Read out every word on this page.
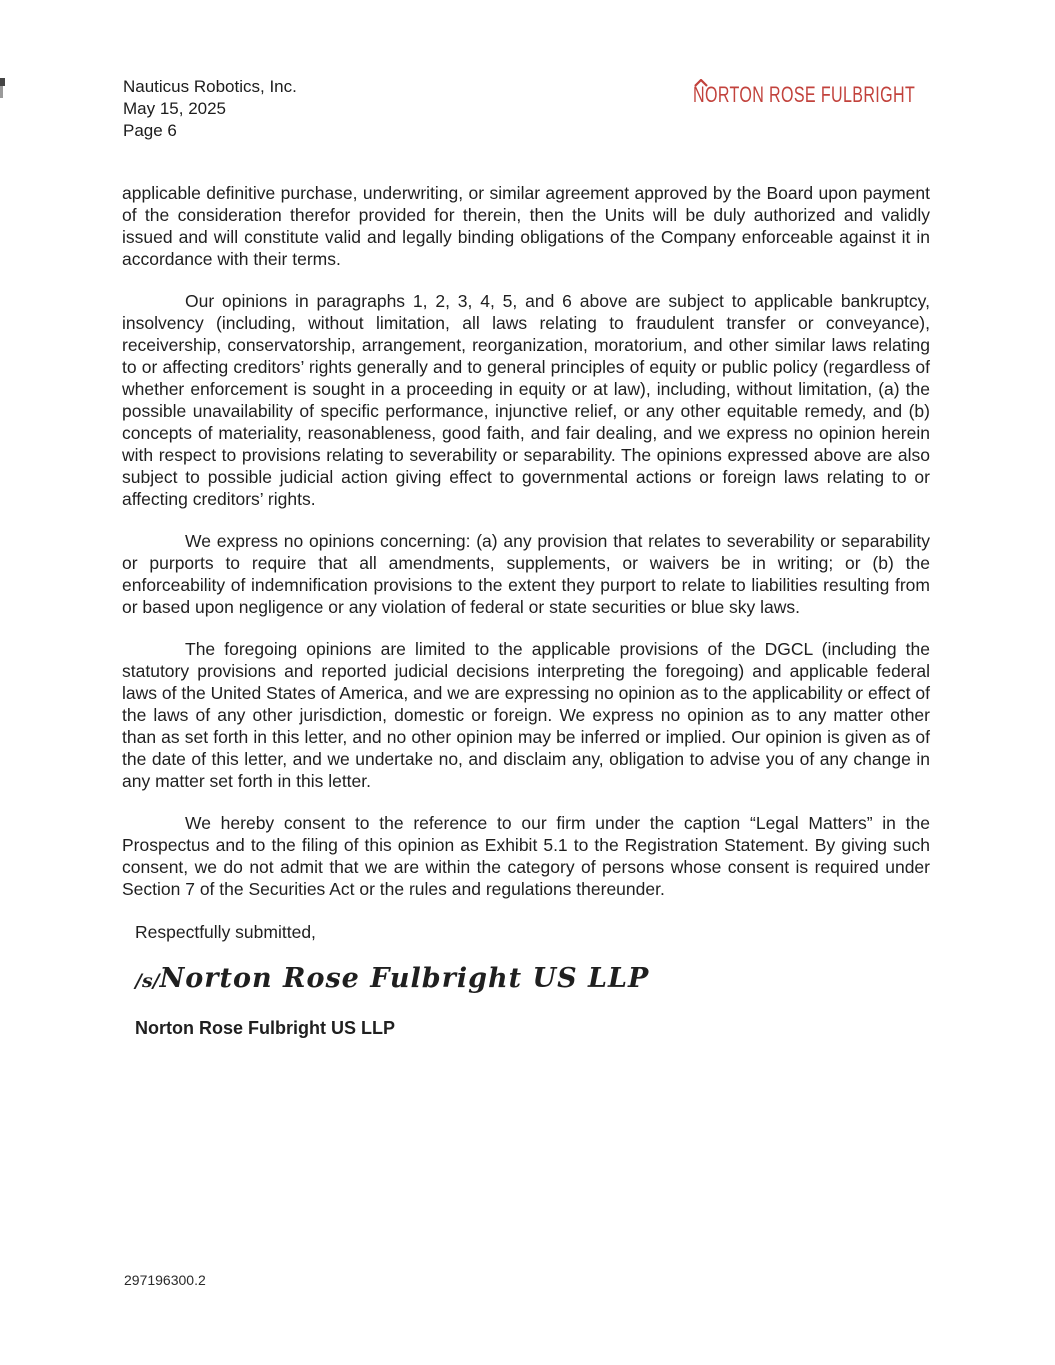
Nauticus Robotics, Inc.
May 15, 2025
Page 6
NORTON ROSE FULBRIGHT

applicable definitive purchase, underwriting, or similar agreement approved by the Board upon payment of the consideration therefor provided for therein, then the Units will be duly authorized and validly issued and will constitute valid and legally binding obligations of the Company enforceable against it in accordance with their terms.

Our opinions in paragraphs 1, 2, 3, 4, 5, and 6 above are subject to applicable bankruptcy, insolvency (including, without limitation, all laws relating to fraudulent transfer or conveyance), receivership, conservatorship, arrangement, reorganization, moratorium, and other similar laws relating to or affecting creditors’ rights generally and to general principles of equity or public policy (regardless of whether enforcement is sought in a proceeding in equity or at law), including, without limitation, (a) the possible unavailability of specific performance, injunctive relief, or any other equitable remedy, and (b) concepts of materiality, reasonableness, good faith, and fair dealing, and we express no opinion herein with respect to provisions relating to severability or separability. The opinions expressed above are also subject to possible judicial action giving effect to governmental actions or foreign laws relating to or affecting creditors’ rights.

We express no opinions concerning: (a) any provision that relates to severability or separability or purports to require that all amendments, supplements, or waivers be in writing; or (b) the enforceability of indemnification provisions to the extent they purport to relate to liabilities resulting from or based upon negligence or any violation of federal or state securities or blue sky laws.

The foregoing opinions are limited to the applicable provisions of the DGCL (including the statutory provisions and reported judicial decisions interpreting the foregoing) and applicable federal laws of the United States of America, and we are expressing no opinion as to the applicability or effect of the laws of any other jurisdiction, domestic or foreign. We express no opinion as to any matter other than as set forth in this letter, and no other opinion may be inferred or implied. Our opinion is given as of the date of this letter, and we undertake no, and disclaim any, obligation to advise you of any change in any matter set forth in this letter.

We hereby consent to the reference to our firm under the caption “Legal Matters” in the Prospectus and to the filing of this opinion as Exhibit 5.1 to the Registration Statement. By giving such consent, we do not admit that we are within the category of persons whose consent is required under Section 7 of the Securities Act or the rules and regulations thereunder.

Respectfully submitted,
/s/Norton Rose Fulbright US LLP
Norton Rose Fulbright US LLP
297196300.2
